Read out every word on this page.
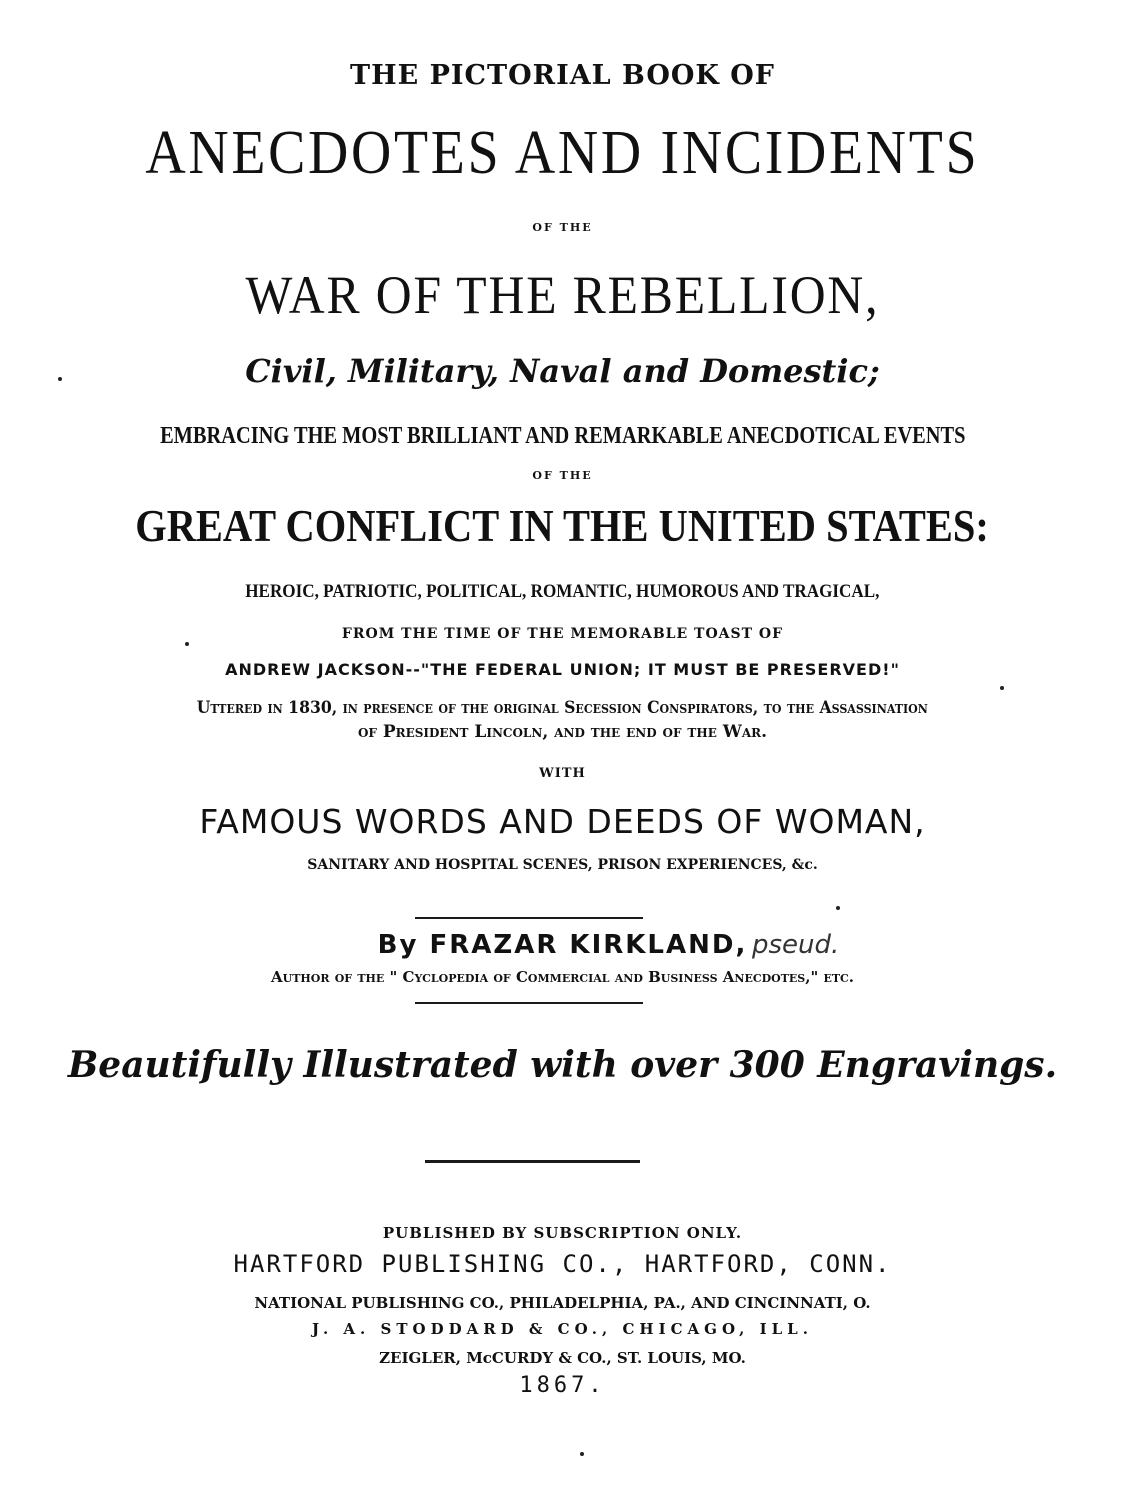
THE PICTORIAL BOOK OF
ANECDOTES AND INCIDENTS
OF THE
WAR OF THE REBELLION,
Civil, Military, Naval and Domestic;
EMBRACING THE MOST BRILLIANT AND REMARKABLE ANECDOTICAL EVENTS
OF THE
GREAT CONFLICT IN THE UNITED STATES:
HEROIC, PATRIOTIC, POLITICAL, ROMANTIC, HUMOROUS AND TRAGICAL,
FROM THE TIME OF THE MEMORABLE TOAST OF
ANDREW JACKSON--"THE FEDERAL UNION; IT MUST BE PRESERVED!"
Uttered in 1830, in presence of the original Secession Conspirators, to the Assassination
of President Lincoln, and the end of the War.
WITH
FAMOUS WORDS AND DEEDS OF WOMAN,
SANITARY AND HOSPITAL SCENES, PRISON EXPERIENCES, &c.
By FRAZAR KIRKLAND, pseud.
Author of the " Cyclopedia of Commercial and Business Anecdotes," etc.
Beautifully Illustrated with over 300 Engravings.
PUBLISHED BY SUBSCRIPTION ONLY.
HARTFORD PUBLISHING CO., HARTFORD, CONN.
NATIONAL PUBLISHING CO., PHILADELPHIA, PA., AND CINCINNATI, O.
J. A. STODDARD & CO., CHICAGO, ILL.
ZEIGLER, McCURDY & CO., ST. LOUIS, MO.
1867.
